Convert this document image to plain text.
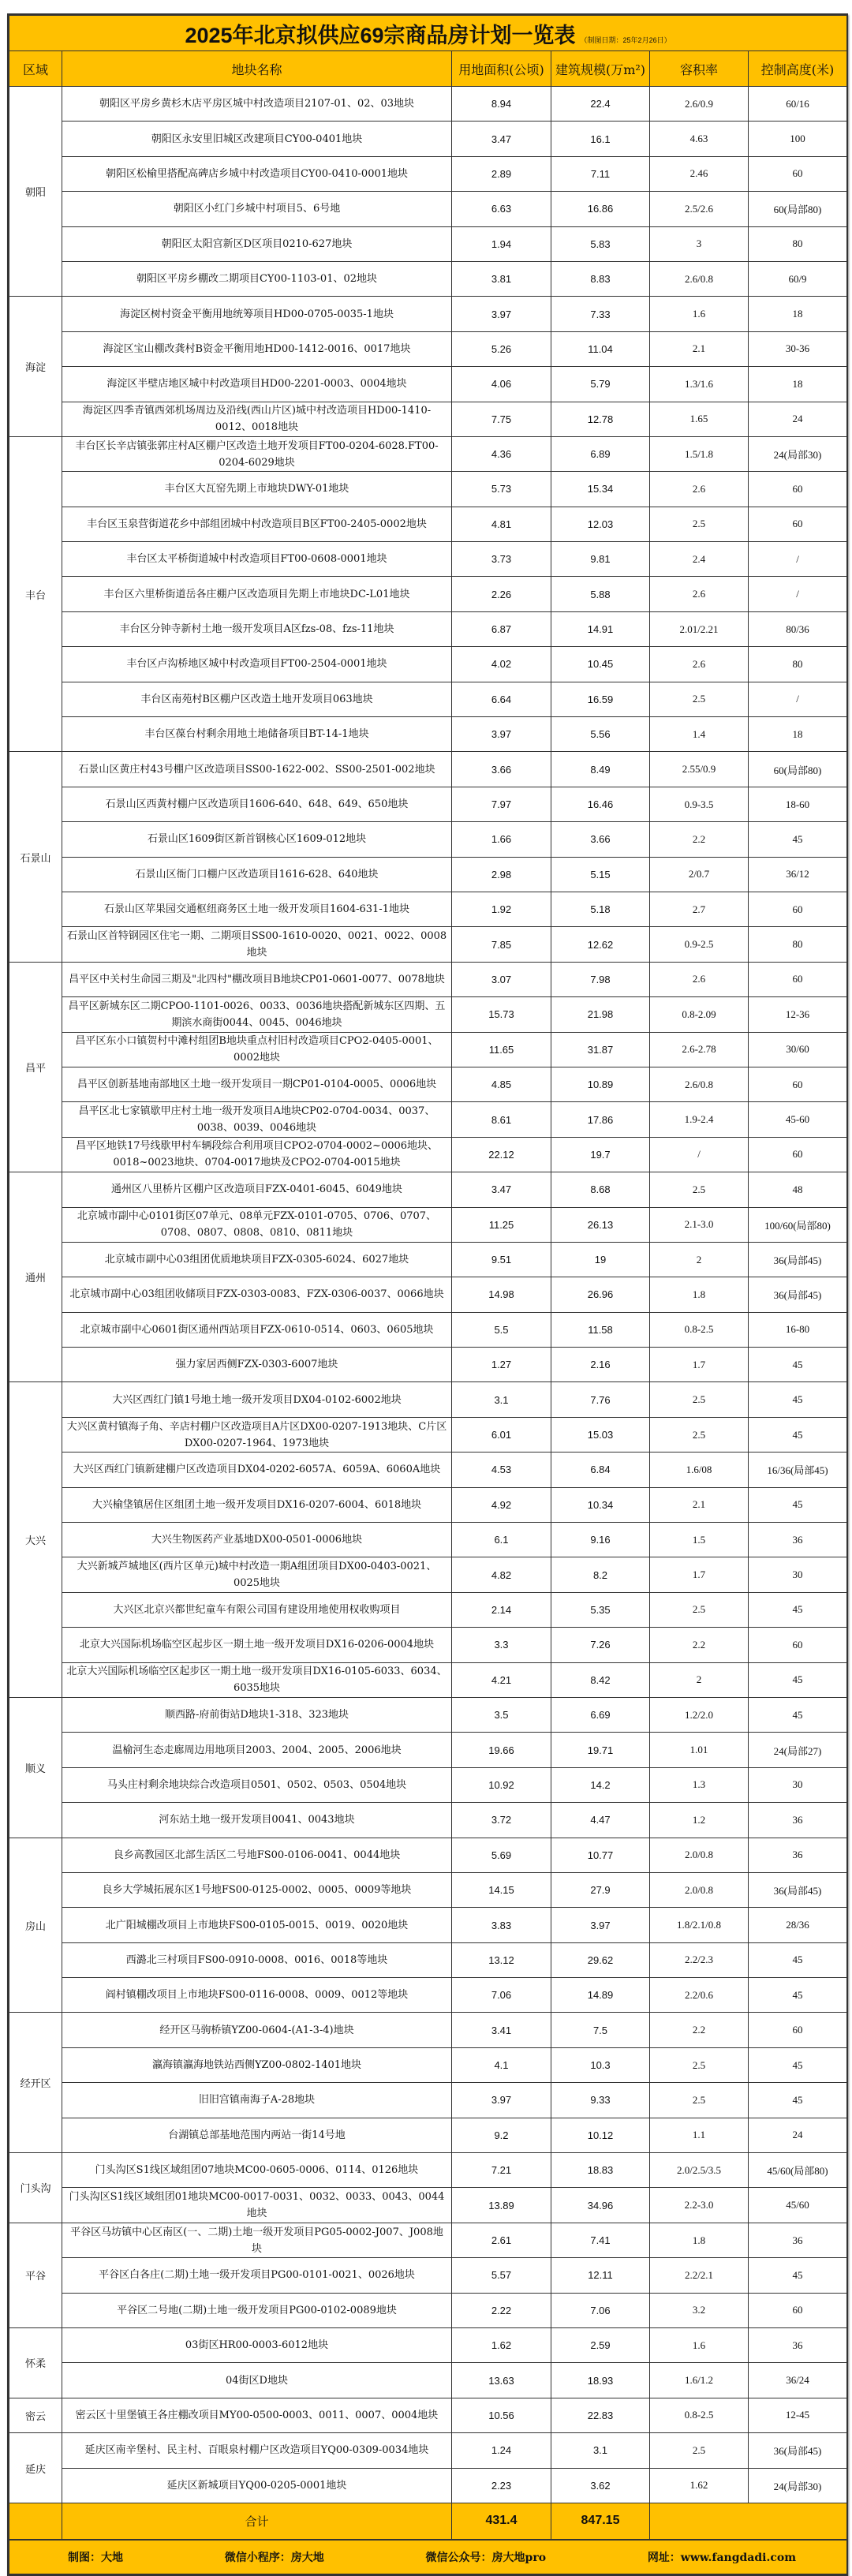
2025年北京拟供应69宗商品房计划一览表 （制图日期：25年2月26日）					
区域	地块名称	用地面积(公顷)	建筑规模(万m²)	容积率	控制高度(米)
朝阳	朝阳区平房乡黄杉木店平房区城中村改造项目2107-01、02、03地块	8.94	22.4	2.6/0.9	60/16
	朝阳区永安里旧城区改建项目CY00-0401地块	3.47	16.1	4.63	100
	朝阳区松榆里搭配高碑店乡城中村改造项目CY00-0410-0001地块	2.89	7.11	2.46	60
	朝阳区小红门乡城中村项目5、6号地	6.63	16.86	2.5/2.6	60(局部80)
	朝阳区太阳宫新区D区项目0210-627地块	1.94	5.83	3	80
	朝阳区平房乡棚改二期项目CY00-1103-01、02地块	3.81	8.83	2.6/0.8	60/9
海淀	海淀区树村资金平衡用地统筹项目HD00-0705-0035-1地块	3.97	7.33	1.6	18
	海淀区宝山棚改龚村B资金平衡用地HD00-1412-0016、0017地块	5.26	11.04	2.1	30-36
	海淀区半壁店地区城中村改造项目HD00-2201-0003、0004地块	4.06	5.79	1.3/1.6	18
	海淀区四季青镇西郊机场周边及沿线(西山片区)城中村改造项目HD00-1410-0012、0018地块	7.75	12.78	1.65	24
丰台	丰台区长辛店镇张郭庄村A区棚户区改造土地开发项目FT00-0204-6028.FT00-0204-6029地块	4.36	6.89	1.5/1.8	24(局部30)
	丰台区大瓦窑先期上市地块DWY-01地块	5.73	15.34	2.6	60
	丰台区玉泉营街道花乡中部组团城中村改造项目B区FT00-2405-0002地块	4.81	12.03	2.5	60
	丰台区太平桥街道城中村改造项目FT00-0608-0001地块	3.73	9.81	2.4	/
	丰台区六里桥街道岳各庄棚户区改造项目先期上市地块DC-L01地块	2.26	5.88	2.6	/
	丰台区分钟寺新村土地一级开发项目A区fzs-08、fzs-11地块	6.87	14.91	2.01/2.21	80/36
	丰台区卢沟桥地区城中村改造项目FT00-2504-0001地块	4.02	10.45	2.6	80
	丰台区南苑村B区棚户区改造土地开发项目063地块	6.64	16.59	2.5	/
	丰台区葆台村剩余用地土地储备项目BT-14-1地块	3.97	5.56	1.4	18
石景山	石景山区黄庄村43号棚户区改造项目SS00-1622-002、SS00-2501-002地块	3.66	8.49	2.55/0.9	60(局部80)
	石景山区西黄村棚户区改造项目1606-640、648、649、650地块	7.97	16.46	0.9-3.5	18-60
	石景山区1609街区新首钢核心区1609-012地块	1.66	3.66	2.2	45
	石景山区衙门口棚户区改造项目1616-628、640地块	2.98	5.15	2/0.7	36/12
	石景山区苹果园交通枢纽商务区土地一级开发项目1604-631-1地块	1.92	5.18	2.7	60
	石景山区首特钢园区住宅一期、二期项目SS00-1610-0020、0021、0022、0008地块	7.85	12.62	0.9-2.5	80
昌平	昌平区中关村生命园三期及"北四村"棚改项目B地块CP01-0601-0077、0078地块	3.07	7.98	2.6	60
	昌平区新城东区二期CPO0-1101-0026、0033、0036地块搭配新城东区四期、五期滨水商街0044、0045、0046地块	15.73	21.98	0.8-2.09	12-36
	昌平区东小口镇贺村中滩村组团B地块重点村旧村改造项目CPO2-0405-0001、0002地块	11.65	31.87	2.6-2.78	30/60
	昌平区创新基地南部地区土地一级开发项目一期CP01-0104-0005、0006地块	4.85	10.89	2.6/0.8	60
	昌平区北七家镇歇甲庄村土地一级开发项目A地块CP02-0704-0034、0037、0038、0039、0046地块	8.61	17.86	1.9-2.4	45-60
	昌平区地铁17号线歇甲村车辆段综合利用项目CPO2-0704-0002~0006地块、0018~0023地块、0704-0017地块及CPO2-0704-0015地块	22.12	19.7	/	60
通州	通州区八里桥片区棚户区改造项目FZX-0401-6045、6049地块	3.47	8.68	2.5	48
	北京城市副中心0101街区07单元、08单元FZX-0101-0705、0706、0707、0708、0807、0808、0810、0811地块	11.25	26.13	2.1-3.0	100/60(局部80)
	北京城市副中心03组团优质地块项目FZX-0305-6024、6027地块	9.51	19	2	36(局部45)
	北京城市副中心03组团收储项目FZX-0303-0083、FZX-0306-0037、0066地块	14.98	26.96	1.8	36(局部45)
	北京城市副中心0601街区通州西站项目FZX-0610-0514、0603、0605地块	5.5	11.58	0.8-2.5	16-80
	强力家居西侧FZX-0303-6007地块	1.27	2.16	1.7	45
大兴	大兴区西红门镇1号地土地一级开发项目DX04-0102-6002地块	3.1	7.76	2.5	45
	大兴区黄村镇海子角、辛店村棚户区改造项目A片区DX00-0207-1913地块、C片区DX00-0207-1964、1973地块	6.01	15.03	2.5	45
	大兴区西红门镇新建棚户区改造项目DX04-0202-6057A、6059A、6060A地块	4.53	6.84	1.6/08	16/36(局部45)
	大兴榆垡镇居住区组团土地一级开发项目DX16-0207-6004、6018地块	4.92	10.34	2.1	45
	大兴生物医药产业基地DX00-0501-0006地块	6.1	9.16	1.5	36
	大兴新城芦城地区(西片区单元)城中村改造一期A组团项目DX00-0403-0021、0025地块	4.82	8.2	1.7	30
	大兴区北京兴都世纪童车有限公司国有建设用地使用权收购项目	2.14	5.35	2.5	45
	北京大兴国际机场临空区起步区一期土地一级开发项目DX16-0206-0004地块	3.3	7.26	2.2	60
	北京大兴国际机场临空区起步区一期土地一级开发项目DX16-0105-6033、6034、6035地块	4.21	8.42	2	45
顺义	顺西路-府前街站D地块1-318、323地块	3.5	6.69	1.2/2.0	45
	温榆河生态走廊周边用地项目2003、2004、2005、2006地块	19.66	19.71	1.01	24(局部27)
	马头庄村剩余地块综合改造项目0501、0502、0503、0504地块	10.92	14.2	1.3	30
	河东站土地一级开发项目0041、0043地块	3.72	4.47	1.2	36
房山	良乡高教园区北部生活区二号地FS00-0106-0041、0044地块	5.69	10.77	2.0/0.8	36
	良乡大学城拓展东区1号地FS00-0125-0002、0005、0009等地块	14.15	27.9	2.0/0.8	36(局部45)
	北广阳城棚改项目上市地块FS00-0105-0015、0019、0020地块	3.83	3.97	1.8/2.1/0.8	28/36
	西潞北三村项目FS00-0910-0008、0016、0018等地块	13.12	29.62	2.2/2.3	45
	阎村镇棚改项目上市地块FS00-0116-0008、0009、0012等地块	7.06	14.89	2.2/0.6	45
经开区	经开区马驹桥镇YZ00-0604-(A1-3-4)地块	3.41	7.5	2.2	60
	瀛海镇瀛海地铁站西侧YZ00-0802-1401地块	4.1	10.3	2.5	45
	旧旧宫镇南海子A-28地块	3.97	9.33	2.5	45
	台湖镇总部基地范围内两站一街14号地	9.2	10.12	1.1	24
门头沟	门头沟区S1线区域组团07地块MC00-0605-0006、0114、0126地块	7.21	18.83	2.0/2.5/3.5	45/60(局部80)
	门头沟区S1线区域组团01地块MC00-0017-0031、0032、0033、0043、0044地块	13.89	34.96	2.2-3.0	45/60
平谷	平谷区马坊镇中心区南区(一、二期)土地一级开发项目PG05-0002-J007、J008地块	2.61	7.41	1.8	36
	平谷区白各庄(二期)土地一级开发项目PG00-0101-0021、0026地块	5.57	12.11	2.2/2.1	45
	平谷区二号地(二期)土地一级开发项目PG00-0102-0089地块	2.22	7.06	3.2	60
怀柔	03街区HR00-0003-6012地块	1.62	2.59	1.6	36
	04街区D地块	13.63	18.93	1.6/1.2	36/24
密云	密云区十里堡镇王各庄棚改项目MY00-0500-0003、0011、0007、0004地块	10.56	22.83	0.8-2.5	12-45
延庆	延庆区南辛堡村、民主村、百眼泉村棚户区改造项目YQ00-0309-0034地块	1.24	3.1	2.5	36(局部45)
	延庆区新城项目YQ00-0205-0001地块	2.23	3.62	1.62	24(局部30)
	合计	431.4	847.15		

制图：大地 微信小程序：房大地 微信公众号：房大地pro 网址：www.fangdadi.com					
